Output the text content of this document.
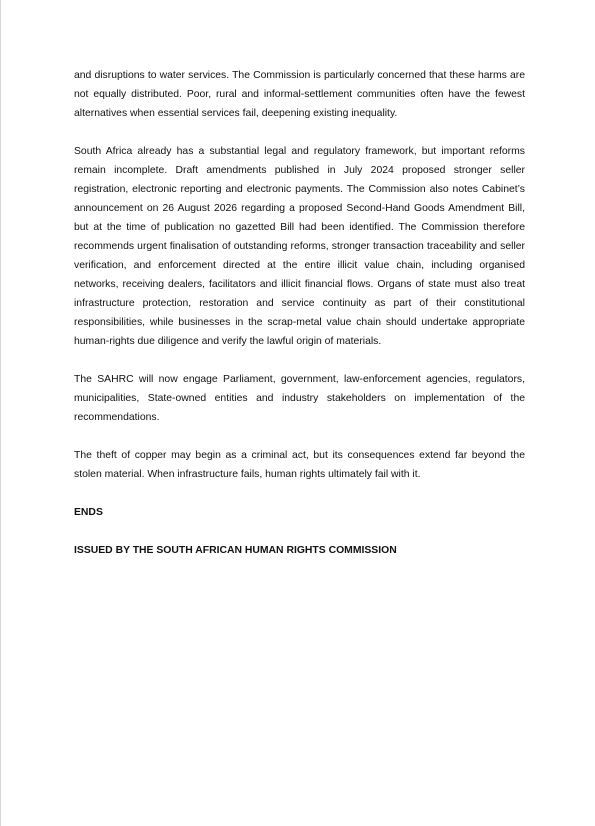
and disruptions to water services. The Commission is particularly concerned that these harms are not equally distributed. Poor, rural and informal-settlement communities often have the fewest alternatives when essential services fail, deepening existing inequality.

South Africa already has a substantial legal and regulatory framework, but important reforms remain incomplete. Draft amendments published in July 2024 proposed stronger seller registration, electronic reporting and electronic payments. The Commission also notes Cabinet’s announcement on 26 August 2026 regarding a proposed Second-Hand Goods Amendment Bill, but at the time of publication no gazetted Bill had been identified. The Commission therefore recommends urgent finalisation of outstanding reforms, stronger transaction traceability and seller verification, and enforcement directed at the entire illicit value chain, including organised networks, receiving dealers, facilitators and illicit financial flows. Organs of state must also treat infrastructure protection, restoration and service continuity as part of their constitutional responsibilities, while businesses in the scrap-metal value chain should undertake appropriate human-rights due diligence and verify the lawful origin of materials.

The SAHRC will now engage Parliament, government, law-enforcement agencies, regulators, municipalities, State-owned entities and industry stakeholders on implementation of the recommendations.

The theft of copper may begin as a criminal act, but its consequences extend far beyond the stolen material. When infrastructure fails, human rights ultimately fail with it.

ENDS

ISSUED BY THE SOUTH AFRICAN HUMAN RIGHTS COMMISSION
